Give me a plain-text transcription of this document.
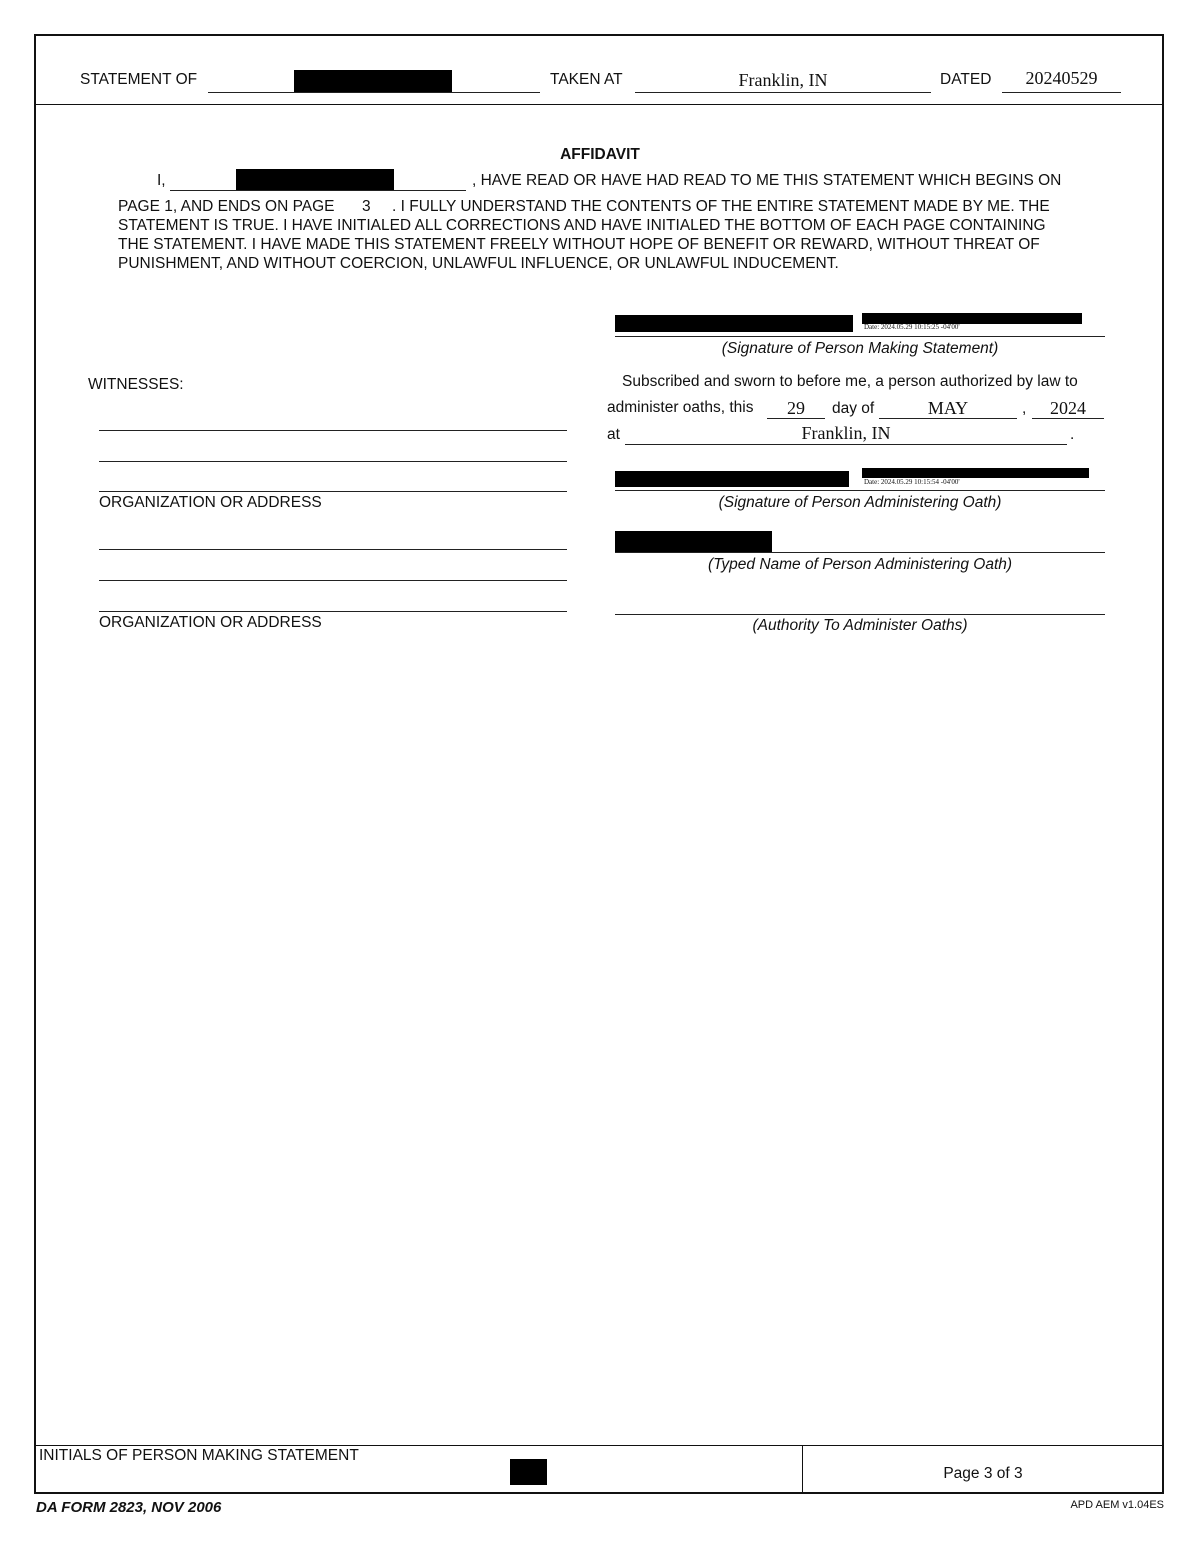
STATEMENT OF	TAKEN AT	Franklin, IN	DATED	20240529
AFFIDAVIT
I,	, HAVE READ OR HAVE HAD READ TO ME THIS STATEMENT WHICH BEGINS ON
PAGE 1, AND ENDS ON PAGE 3 . I FULLY UNDERSTAND THE CONTENTS OF THE ENTIRE STATEMENT MADE BY ME. THE
STATEMENT IS TRUE. I HAVE INITIALED ALL CORRECTIONS AND HAVE INITIALED THE BOTTOM OF EACH PAGE CONTAINING
THE STATEMENT. I HAVE MADE THIS STATEMENT FREELY WITHOUT HOPE OF BENEFIT OR REWARD, WITHOUT THREAT OF
PUNISHMENT, AND WITHOUT COERCION, UNLAWFUL INFLUENCE, OR UNLAWFUL INDUCEMENT.
Date: 2024.05.29 10:15:25 -04'00'
(Signature of Person Making Statement)
WITNESSES:
ORGANIZATION OR ADDRESS
ORGANIZATION OR ADDRESS
Subscribed and sworn to before me, a person authorized by law to
administer oaths, this	29	day of	MAY	,	2024
at	Franklin, IN	.
Date: 2024.05.29 10:15:54 -04'00'
(Signature of Person Administering Oath)
(Typed Name of Person Administering Oath)
(Authority To Administer Oaths)
INITIALS OF PERSON MAKING STATEMENT
Page 3 of 3
DA FORM 2823, NOV 2006	APD AEM v1.04ES
